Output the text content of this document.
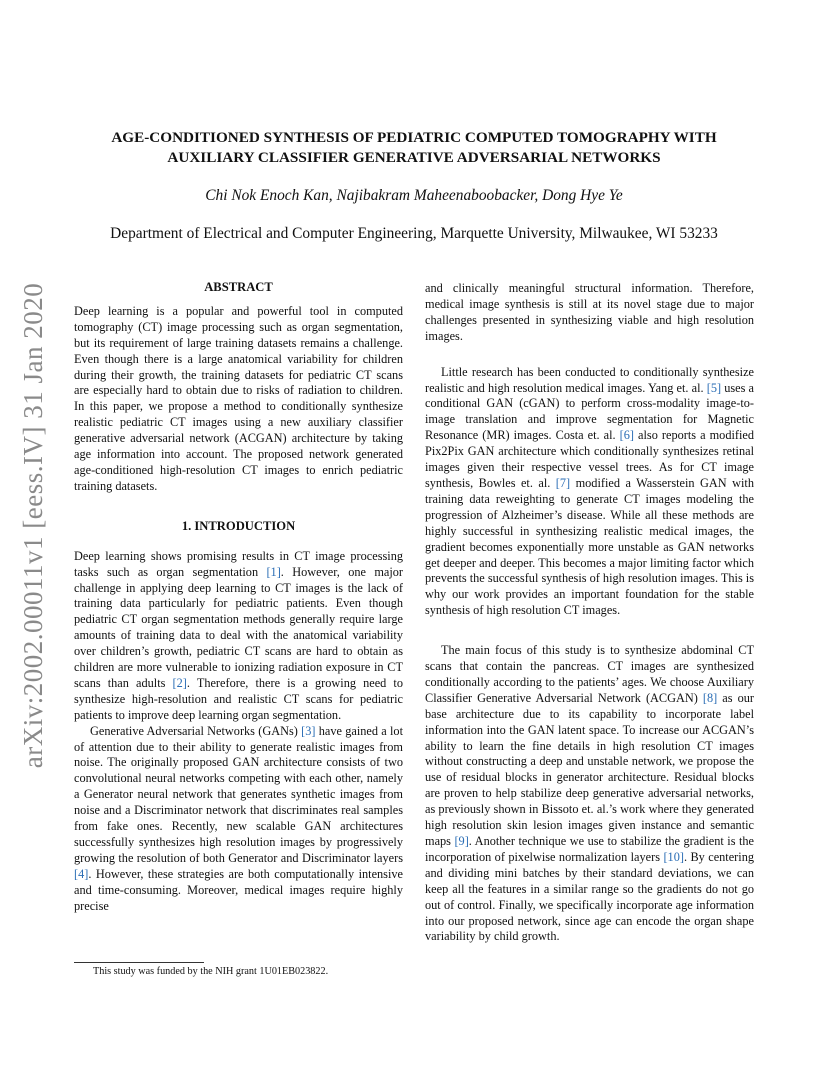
arXiv:2002.00011v1 [eess.IV] 31 Jan 2020
AGE-CONDITIONED SYNTHESIS OF PEDIATRIC COMPUTED TOMOGRAPHY WITH
AUXILIARY CLASSIFIER GENERATIVE ADVERSARIAL NETWORKS
Chi Nok Enoch Kan, Najibakram Maheenaboobacker, Dong Hye Ye
Department of Electrical and Computer Engineering, Marquette University, Milwaukee, WI 53233
ABSTRACT

Deep learning is a popular and powerful tool in computed tomography (CT) image processing such as organ segmentation, but its requirement of large training datasets remains a challenge. Even though there is a large anatomical variability for children during their growth, the training datasets for pediatric CT scans are especially hard to obtain due to risks of radiation to children. In this paper, we propose a method to conditionally synthesize realistic pediatric CT images using a new auxiliary classifier generative adversarial network (ACGAN) architecture by taking age information into account. The proposed network generated age-conditioned high-resolution CT images to enrich pediatric training datasets.

1. INTRODUCTION

Deep learning shows promising results in CT image processing tasks such as organ segmentation [1]. However, one major challenge in applying deep learning to CT images is the lack of training data particularly for pediatric patients. Even though pediatric CT organ segmentation methods generally require large amounts of training data to deal with the anatomical variability over children’s growth, pediatric CT scans are hard to obtain as children are more vulnerable to ionizing radiation exposure in CT scans than adults [2]. Therefore, there is a growing need to synthesize high-resolution and realistic CT scans for pediatric patients to improve deep learning organ segmentation.

Generative Adversarial Networks (GANs) [3] have gained a lot of attention due to their ability to generate realistic images from noise. The originally proposed GAN architecture consists of two convolutional neural networks competing with each other, namely a Generator neural network that generates synthetic images from noise and a Discriminator network that discriminates real samples from fake ones. Recently, new scalable GAN architectures successfully synthesizes high resolution images by progressively growing the resolution of both Generator and Discriminator layers [4]. However, these strategies are both computationally intensive and time-consuming. Moreover, medical images require highly precise

and clinically meaningful structural information. Therefore, medical image synthesis is still at its novel stage due to major challenges presented in synthesizing viable and high resolution images.

Little research has been conducted to conditionally synthesize realistic and high resolution medical images. Yang et. al. [5] uses a conditional GAN (cGAN) to perform cross-modality image-to-image translation and improve segmentation for Magnetic Resonance (MR) images. Costa et. al. [6] also reports a modified Pix2Pix GAN architecture which conditionally synthesizes retinal images given their respective vessel trees. As for CT image synthesis, Bowles et. al. [7] modified a Wasserstein GAN with training data reweighting to generate CT images modeling the progression of Alzheimer’s disease. While all these methods are highly successful in synthesizing realistic medical images, the gradient becomes exponentially more unstable as GAN networks get deeper and deeper. This becomes a major limiting factor which prevents the successful synthesis of high resolution images. This is why our work provides an important foundation for the stable synthesis of high resolution CT images.

The main focus of this study is to synthesize abdominal CT scans that contain the pancreas. CT images are synthesized conditionally according to the patients’ ages. We choose Auxiliary Classifier Generative Adversarial Network (ACGAN) [8] as our base architecture due to its capability to incorporate label information into the GAN latent space. To increase our ACGAN’s ability to learn the fine details in high resolution CT images without constructing a deep and unstable network, we propose the use of residual blocks in generator architecture. Residual blocks are proven to help stabilize deep generative adversarial networks, as previously shown in Bissoto et. al.’s work where they generated high resolution skin lesion images given instance and semantic maps [9]. Another technique we use to stabilize the gradient is the incorporation of pixelwise normalization layers [10]. By centering and dividing mini batches by their standard deviations, we can keep all the features in a similar range so the gradients do not go out of control. Finally, we specifically incorporate age information into our proposed network, since age can encode the organ shape variability by child growth.

This study was funded by the NIH grant 1U01EB023822.
